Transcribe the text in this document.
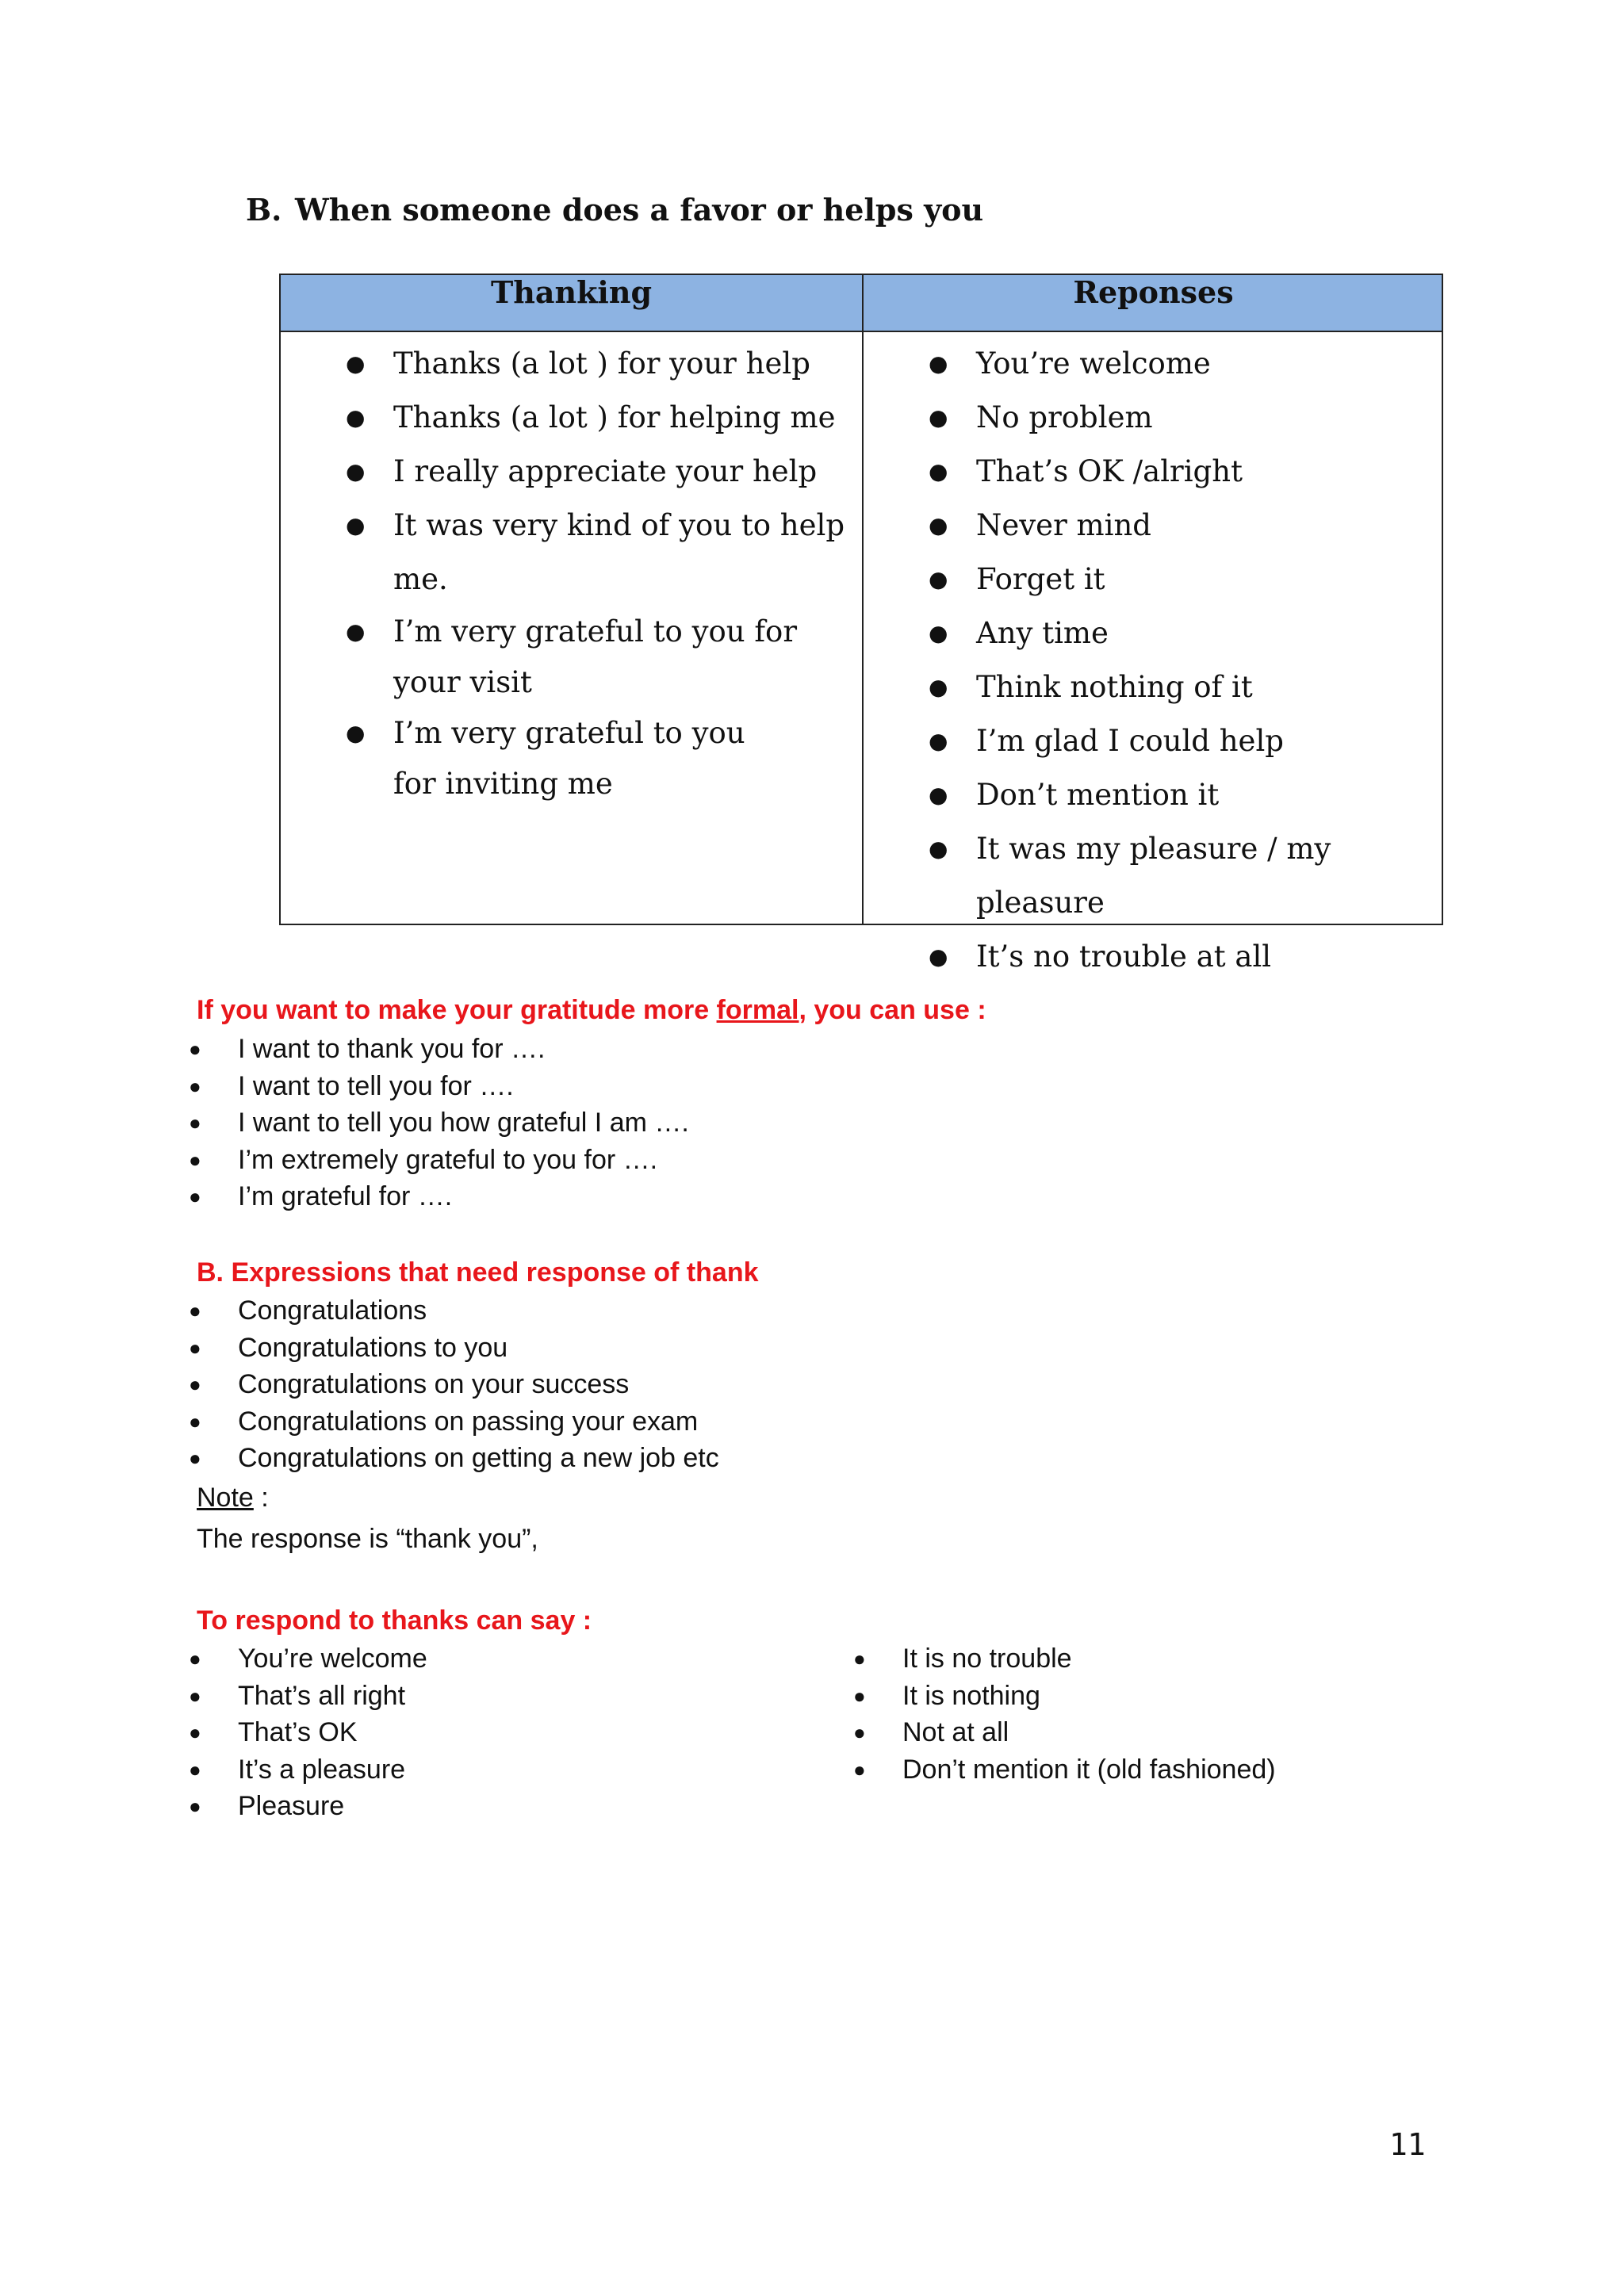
B. When someone does a favor or helps you
Thanking	Reponses
● Thanks (a lot ) for your help
● Thanks (a lot ) for helping me
● I really appreciate your help
● It was very kind of you to help me.
● I’m very grateful to you for your visit
● I’m very grateful to you for inviting me
● You’re welcome
● No problem
● That’s OK /alright
● Never mind
● Forget it
● Any time
● Think nothing of it
● I’m glad I could help
● Don’t mention it
● It was my pleasure / my pleasure
● It’s no trouble at all

If you want to make your gratitude more formal, you can use :

● I want to thank you for ….
● I want to tell you for ….
● I want to tell you how grateful I am ….
● I’m extremely grateful to you for ….
● I’m grateful for ….

B. Expressions that need response of thank

● Congratulations
● Congratulations to you
● Congratulations on your success
● Congratulations on passing your exam
● Congratulations on getting a new job etc

Note :

The response is “thank you”,

To respond to thanks can say :

● You’re welcome
● That’s all right
● That’s OK
● It’s a pleasure
● Pleasure
● It is no trouble
● It is nothing
● Not at all
● Don’t mention it (old fashioned)
11
